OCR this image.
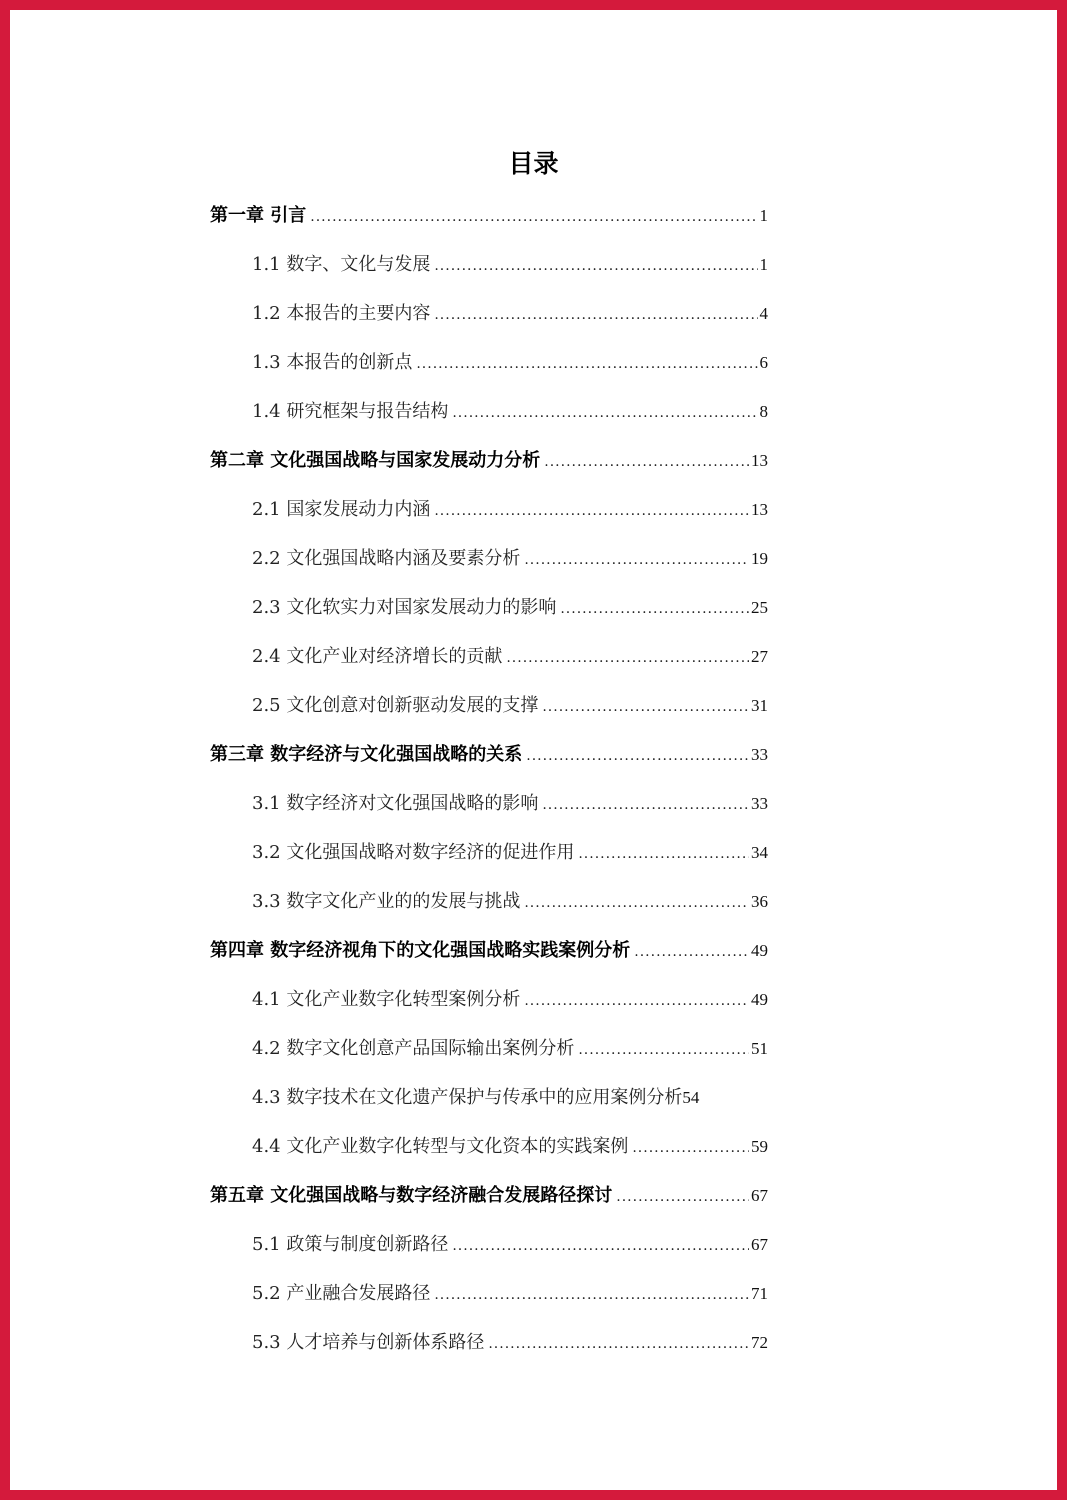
目录
第一章 引言 .....	1
1.1 数字、文化与发展 .....	1
1.2 本报告的主要内容 .....	4
1.3 本报告的创新点 .....	6
1.4 研究框架与报告结构 .....	8
第二章 文化强国战略与国家发展动力分析 .....	13
2.1 国家发展动力内涵 .....	13
2.2 文化强国战略内涵及要素分析 .....	19
2.3 文化软实力对国家发展动力的影响 .....	25
2.4 文化产业对经济增长的贡献 .....	27
2.5 文化创意对创新驱动发展的支撑 .....	31
第三章 数字经济与文化强国战略的关系 .....	33
3.1 数字经济对文化强国战略的影响 .....	33
3.2 文化强国战略对数字经济的促进作用 .....	34
3.3 数字文化产业的的发展与挑战 .....	36
第四章 数字经济视角下的文化强国战略实践案例分析 .....	49
4.1 文化产业数字化转型案例分析 .....	49
4.2 数字文化创意产品国际输出案例分析 .....	51
4.3 数字技术在文化遗产保护与传承中的应用案例分析 54
4.4 文化产业数字化转型与文化资本的实践案例 .....	59
第五章 文化强国战略与数字经济融合发展路径探讨 .....	67
5.1 政策与制度创新路径 .....	67
5.2 产业融合发展路径 .....	71
5.3 人才培养与创新体系路径 .....	72
